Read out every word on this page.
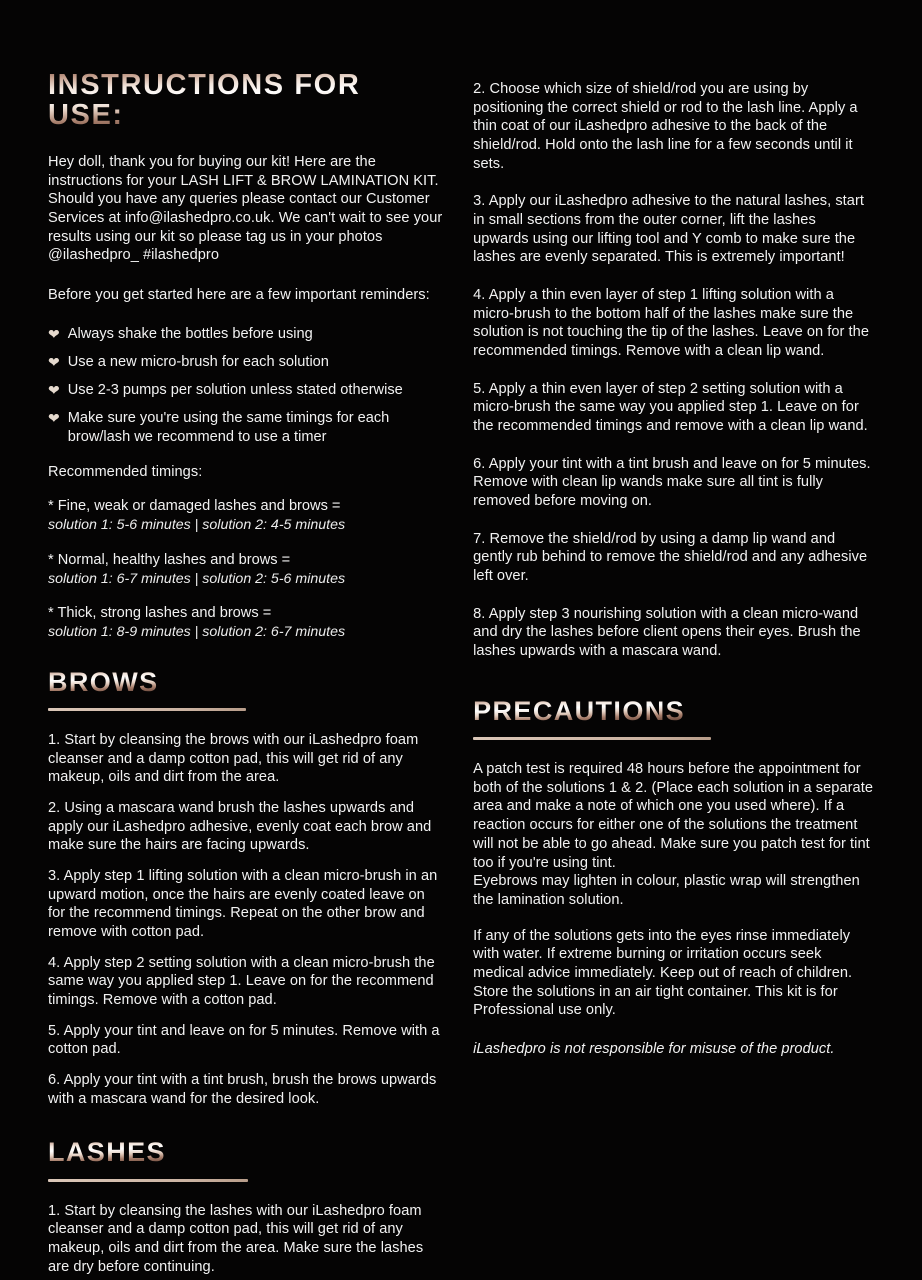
INSTRUCTIONS FOR USE:

Hey doll, thank you for buying our kit! Here are the instructions for your LASH LIFT & BROW LAMINATION KIT. Should you have any queries please contact our Customer Services at info@ilashedpro.co.uk. We can't wait to see your results using our kit so please tag us in your photos @ilashedpro_ #ilashedpro

Before you get started here are a few important reminders:

❤ Always shake the bottles before using
❤ Use a new micro-brush for each solution
❤ Use 2-3 pumps per solution unless stated otherwise
❤ Make sure you're using the same timings for each brow/lash we recommend to use a timer

Recommended timings:

* Fine, weak or damaged lashes and brows =
solution 1: 5-6 minutes | solution 2: 4-5 minutes
* Normal, healthy lashes and brows =
solution 1: 6-7 minutes | solution 2: 5-6 minutes
* Thick, strong lashes and brows =
solution 1: 8-9 minutes | solution 2: 6-7 minutes
BROWS

1. Start by cleansing the brows with our iLashedpro foam cleanser and a damp cotton pad, this will get rid of any makeup, oils and dirt from the area.

2. Using a mascara wand brush the lashes upwards and apply our iLashedpro adhesive, evenly coat each brow and make sure the hairs are facing upwards.

3. Apply step 1 lifting solution with a clean micro-brush in an upward motion, once the hairs are evenly coated leave on for the recommend timings. Repeat on the other brow and remove with cotton pad.

4. Apply step 2 setting solution with a clean micro-brush the same way you applied step 1. Leave on for the recommend timings. Remove with a cotton pad.

5. Apply your tint and leave on for 5 minutes. Remove with a cotton pad.

6. Apply your tint with a tint brush, brush the brows upwards with a mascara wand for the desired look.

LASHES

1. Start by cleansing the lashes with our iLashedpro foam cleanser and a damp cotton pad, this will get rid of any makeup, oils and dirt from the area. Make sure the lashes are dry before continuing.

2. Choose which size of shield/rod you are using by positioning the correct shield or rod to the lash line. Apply a thin coat of our iLashedpro adhesive to the back of the shield/rod. Hold onto the lash line for a few seconds until it sets.

3. Apply our iLashedpro adhesive to the natural lashes, start in small sections from the outer corner, lift the lashes upwards using our lifting tool and Y comb to make sure the lashes are evenly separated. This is extremely important!

4. Apply a thin even layer of step 1 lifting solution with a micro-brush to the bottom half of the lashes make sure the solution is not touching the tip of the lashes. Leave on for the recommended timings. Remove with a clean lip wand.

5. Apply a thin even layer of step 2 setting solution with a micro-brush the same way you applied step 1. Leave on for the recommended timings and remove with a clean lip wand.

6. Apply your tint with a tint brush and leave on for 5 minutes. Remove with clean lip wands make sure all tint is fully removed before moving on.

7. Remove the shield/rod by using a damp lip wand and gently rub behind to remove the shield/rod and any adhesive left over.

8. Apply step 3 nourishing solution with a clean micro-wand and dry the lashes before client opens their eyes. Brush the lashes upwards with a mascara wand.

PRECAUTIONS

A patch test is required 48 hours before the appointment for both of the solutions 1 & 2. (Place each solution in a separate area and make a note of which one you used where). If a reaction occurs for either one of the solutions the treatment will not be able to go ahead. Make sure you patch test for tint too if you're using tint.

Eyebrows may lighten in colour, plastic wrap will strengthen the lamination solution.

If any of the solutions gets into the eyes rinse immediately with water. If extreme burning or irritation occurs seek medical advice immediately. Keep out of reach of children. Store the solutions in an air tight container. This kit is for Professional use only.

iLashedpro is not responsible for misuse of the product.
